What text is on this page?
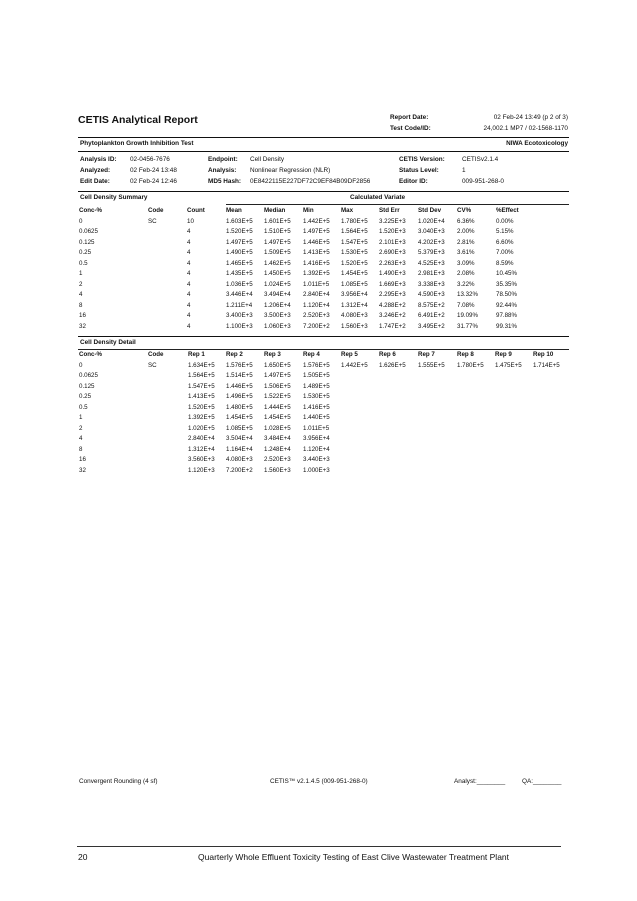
CETIS Analytical Report	Report Date:	02 Feb-24 13:49 (p 2 of 3)
Test Code/ID:	24,002.1 MP7 / 02-1568-1170
Phytoplankton Growth Inhibition Test	NIWA Ecotoxicology
Analysis ID: 02-0456-7676
Analyzed:	02 Feb-24 13:48
Edit Date:	02 Feb-24 12:46
Endpoint: Cell Density
Analysis: Nonlinear Regression (NLR)
MD5 Hash: 0E8422115E227DF72C9EF84B09DF2856
CETIS Version:	CETISv2.1.4
Status Level:	1
Editor ID:	009-951-268-0
Cell Density Summary	Calculated Variate
Conc-%	Code	Count	Mean	Median	Min	Max	Std Err	Std Dev	CV%	%Effect
0	SC	10	1.603E+5	1.601E+5	1.442E+5	1.780E+5	3.225E+3	1.020E+4	6.36%	0.00%
0.0625		4	1.520E+5	1.510E+5	1.497E+5	1.564E+5	1.520E+3	3.040E+3	2.00%	5.15%
0.125		4	1.497E+5	1.497E+5	1.446E+5	1.547E+5	2.101E+3	4.202E+3	2.81%	6.60%
0.25		4	1.490E+5	1.509E+5	1.413E+5	1.530E+5	2.690E+3	5.379E+3	3.61%	7.00%
0.5		4	1.465E+5	1.462E+5	1.416E+5	1.520E+5	2.263E+3	4.525E+3	3.09%	8.59%
1		4	1.435E+5	1.450E+5	1.392E+5	1.454E+5	1.490E+3	2.981E+3	2.08%	10.45%
2		4	1.036E+5	1.024E+5	1.011E+5	1.085E+5	1.669E+3	3.338E+3	3.22%	35.35%
4		4	3.446E+4	3.494E+4	2.840E+4	3.956E+4	2.295E+3	4.590E+3	13.32%	78.50%
8		4	1.211E+4	1.206E+4	1.120E+4	1.312E+4	4.288E+2	8.575E+2	7.08%	92.44%
16		4	3.400E+3	3.500E+3	2.520E+3	4.080E+3	3.246E+2	6.491E+2	19.09%	97.88%
32		4	1.100E+3	1.060E+3	7.200E+2	1.560E+3	1.747E+2	3.495E+2	31.77%	99.31%
Cell Density Detail
Conc-%	Code	Rep 1	Rep 2	Rep 3	Rep 4	Rep 5	Rep 6	Rep 7	Rep 8	Rep 9	Rep 10
0	SC	1.634E+5	1.576E+5	1.650E+5	1.576E+5	1.442E+5	1.626E+5	1.555E+5	1.780E+5	1.475E+5	1.714E+5
0.0625		1.564E+5	1.514E+5	1.497E+5	1.505E+5						
0.125		1.547E+5	1.446E+5	1.506E+5	1.489E+5						
0.25		1.413E+5	1.496E+5	1.522E+5	1.530E+5						
0.5		1.520E+5	1.480E+5	1.444E+5	1.416E+5						
1		1.392E+5	1.454E+5	1.454E+5	1.440E+5						
2		1.020E+5	1.085E+5	1.028E+5	1.011E+5						
4		2.840E+4	3.504E+4	3.484E+4	3.956E+4						
8		1.312E+4	1.164E+4	1.248E+4	1.120E+4						
16		3.560E+3	4.080E+3	2.520E+3	3.440E+3						
32		1.120E+3	7.200E+2	1.560E+3	1.000E+3						
Convergent Rounding (4 sf)	CETIS™ v2.1.4.5 (009-951-268-0)	Analyst:________	QA:________
20	Quarterly Whole Effluent Toxicity Testing of East Clive Wastewater Treatment Plant
